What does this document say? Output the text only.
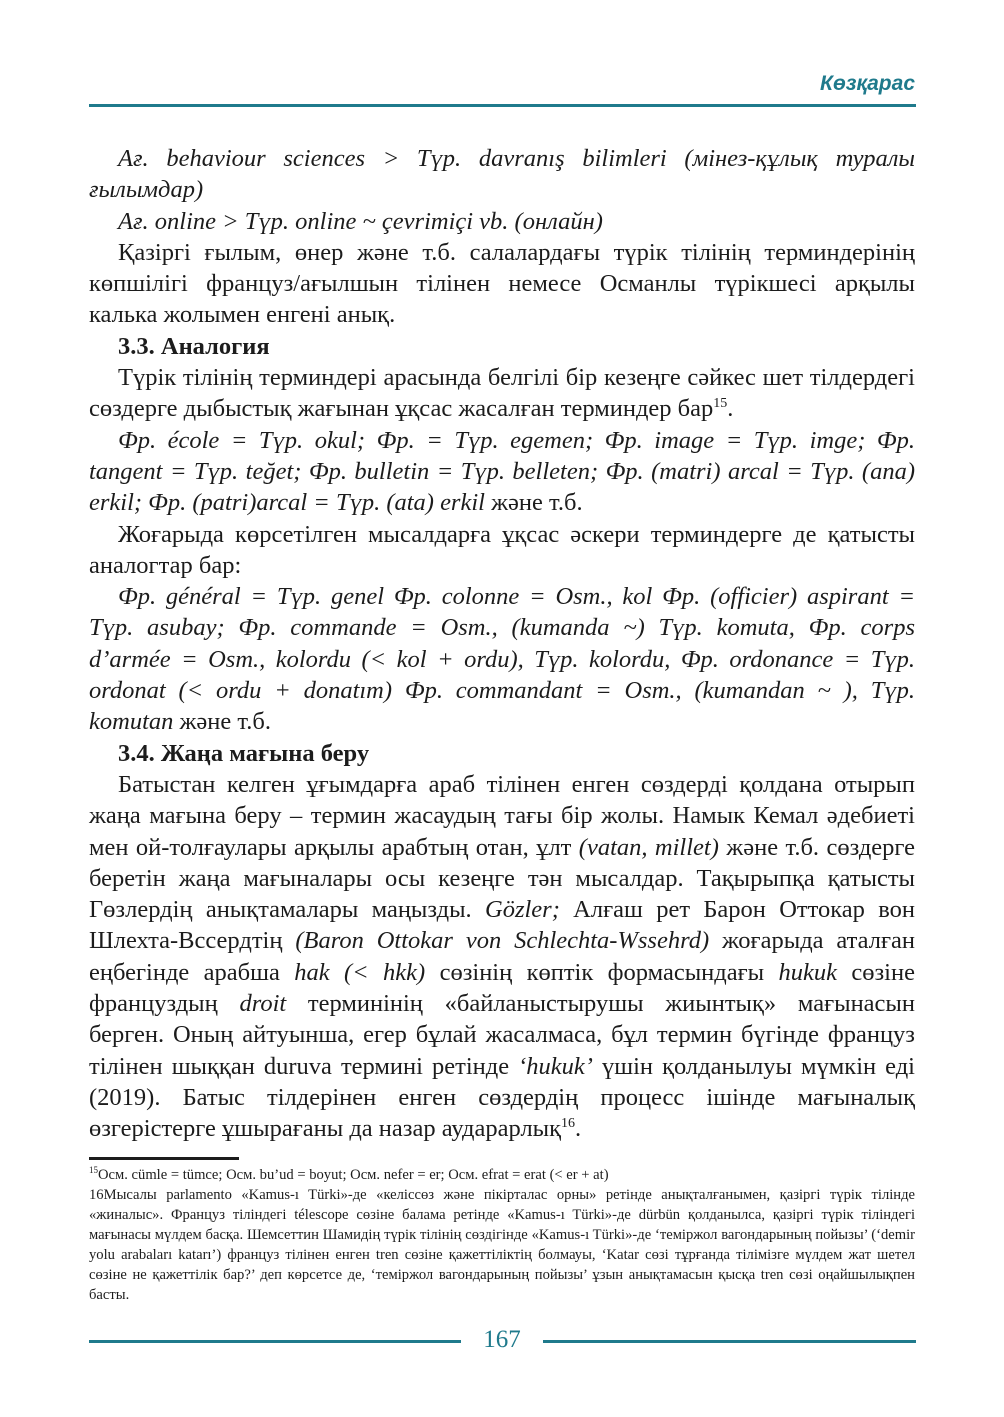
Көзқарас

Ағ. behaviour sciences > Түр. davranış bilimleri (мінез-құлық туралы ғылымдар)

Ағ. online > Түр. online ~ çevrimiçi vb. (онлайн)

Қазіргі ғылым, өнер және т.б. салалардағы түрік тілінің терминдерінің көпшілігі француз/ағылшын тілінен немесе Османлы түрікшесі арқылы калька жолымен енгені анық.

3.3. Аналогия

Түрік тілінің терминдері арасында белгілі бір кезеңге сәйкес шет тілдердегі сөздерге дыбыстық жағынан ұқсас жасалған терминдер бар$^{15}$.

Фр. école = Түр. okul; Фр. = Түр. egemen; Фр. image = Түр. imge; Фр. tangent = Түр. teğet; Фр. bulletin = Түр. belleten; Фр. (matri) arcal = Түр. (ana) erkil; Фр. (patri)arcal = Түр. (ata) erkil және т.б.

Жоғарыда көрсетілген мысалдарға ұқсас әскери терминдерге де қатысты аналогтар бар:

Фр. général = Түр. genel Фр. colonne = Osm., kol Фр. (officier) aspirant = Түр. asubay; Фр. commande = Osm., (kumanda ~) Түр. komuta, Фр. corps d’armée = Osm., kolordu (< kol + ordu), Түр. kolordu, Фр. ordonance = Түр. ordonat (< ordu + donatım) Фр. commandant = Osm., (kumandan ~ ), Түр. komutan және т.б.

3.4. Жаңа мағына беру

Батыстан келген ұғымдарға араб тілінен енген сөздерді қолдана отырып жаңа мағына беру – термин жасаудың тағы бір жолы. Намык Кемал әдебиеті мен ой-толғаулары арқылы арабтың отан, ұлт (vatan, millet) және т.б. сөздерге беретін жаңа мағыналары осы кезеңге тән мысалдар. Тақырыпқа қатысты Гөзлердің анықтамалары маңызды. Gözler; Алғаш рет Барон Оттокар вон Шлехта-Вссердтің (Baron Ottokar von Schlechta-Wssehrd) жоғарыда аталған еңбегінде арабша hak (< hkk) сөзінің көптік формасындағы hukuk сөзіне француздың droit терминінің «байланыстырушы жиынтық» мағынасын берген. Оның айтуынша, егер бұлай жасалмаса, бұл термин бүгінде француз тілінен шыққан duruva термині ретінде ‘hukuk’ үшін қолданылуы мүмкін еді (2019). Батыс тілдерінен енген сөздердің процесс ішінде мағыналық өзгерістерге ұшырағаны да назар аударарлық$^{16}$.

$^{15}$Осм. cümle = tümce; Осм. bu’ud = boyut; Осм. nefer = er; Осм. efrat = erat (< er + at)

16Мысалы parlamento «Kamus-ı Türki»-де «келіссөз және пікірталас орны» ретінде анықталғанымен, қазіргі түрік тілінде «жиналыс». Француз тіліндегі télescope сөзіне балама ретінде «Kamus-ı Türki»-де dürbün қолданылса, қазіргі түрік тіліндегі мағынасы мүлдем басқа. Шемсеттин Шамидің түрік тілінің сөздігінде «Kamus-ı Türki»-де ‘теміржол вагондарының пойызы’ (‘demir yolu arabaları katarı’) француз тілінен енген tren сөзіне қажеттіліктің болмауы, ‘Katar сөзі тұрғанда тілімізге мүлдем жат шетел сөзіне не қажеттілік бар?’ деп көрсетсе де, ‘теміржол вагондарының пойызы’ ұзын анықтамасын қысқа tren сөзі оңайшылықпен басты.

167
